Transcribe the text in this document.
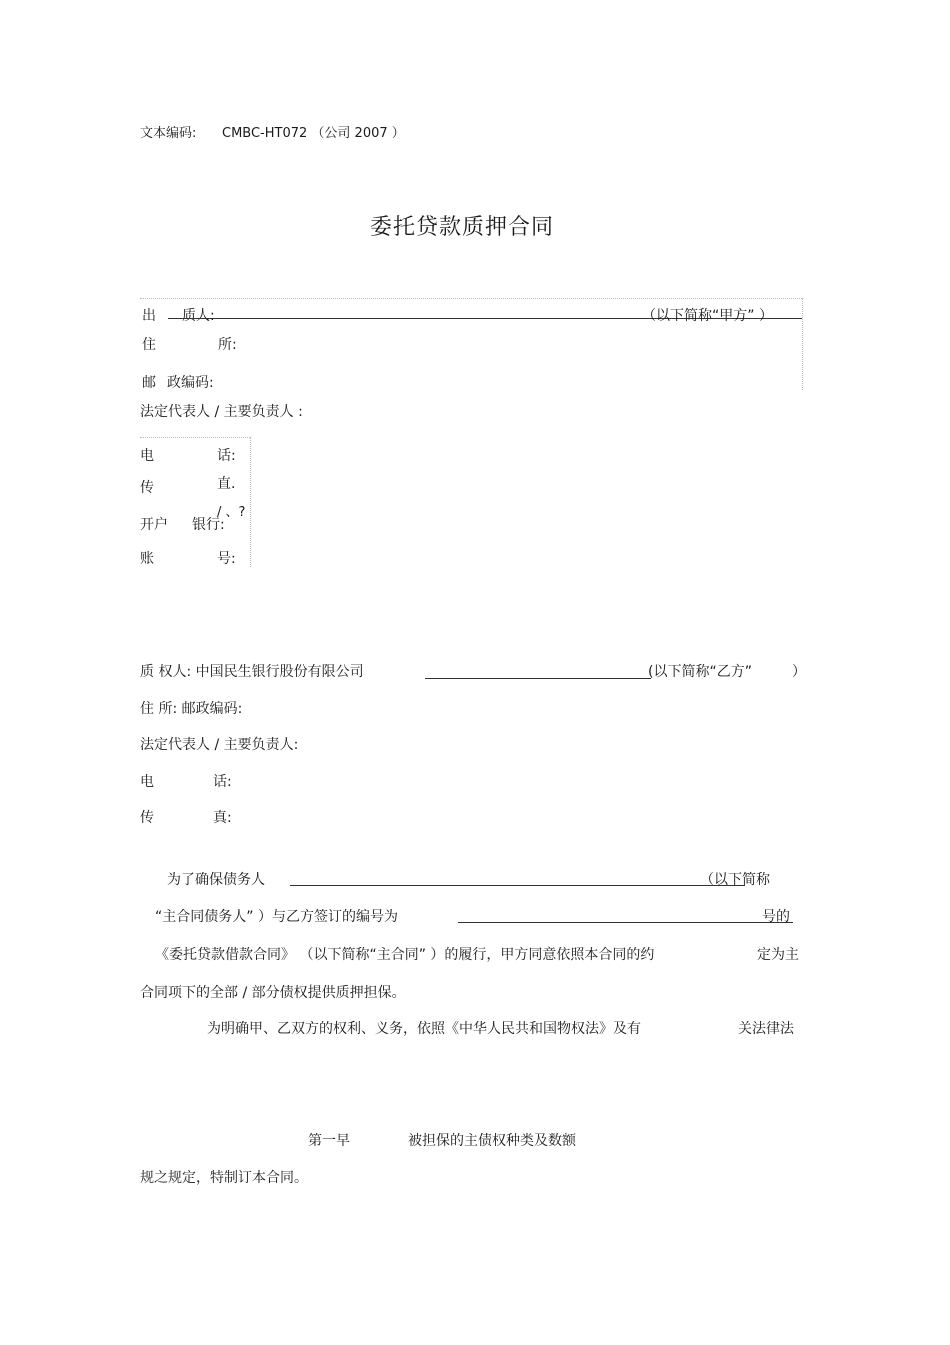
文本编码: CMBC-HT072 （公司 2007 ）
委托贷款质押合同
出 质人:	（以下简称“甲方” ）
住	所:
邮 政编码:
法定代表人 / 主要负责人 :
电	话:
传	直.
/ 、?
开户 银行:
账	号:
质 权人: 中国民生银行股份有限公司	(以下简称“乙方”	）
住 所: 邮政编码:
法定代表人 / 主要负责人:
电	话:
传	真:
为了确保债务人	（以下简称
“主合同债务人” ）与乙方签订的编号为	号的
《委托贷款借款合同》 （以下简称“主合同” ）的履行，甲方同意依照本合同的约	定为主
合同项下的全部 / 部分债权提供质押担保。
为明确甲、乙双方的权利、义务，依照《中华人民共和国物权法》及有	关法律法
第一早	被担保的主债权种类及数额
规之规定，特制订本合同。
